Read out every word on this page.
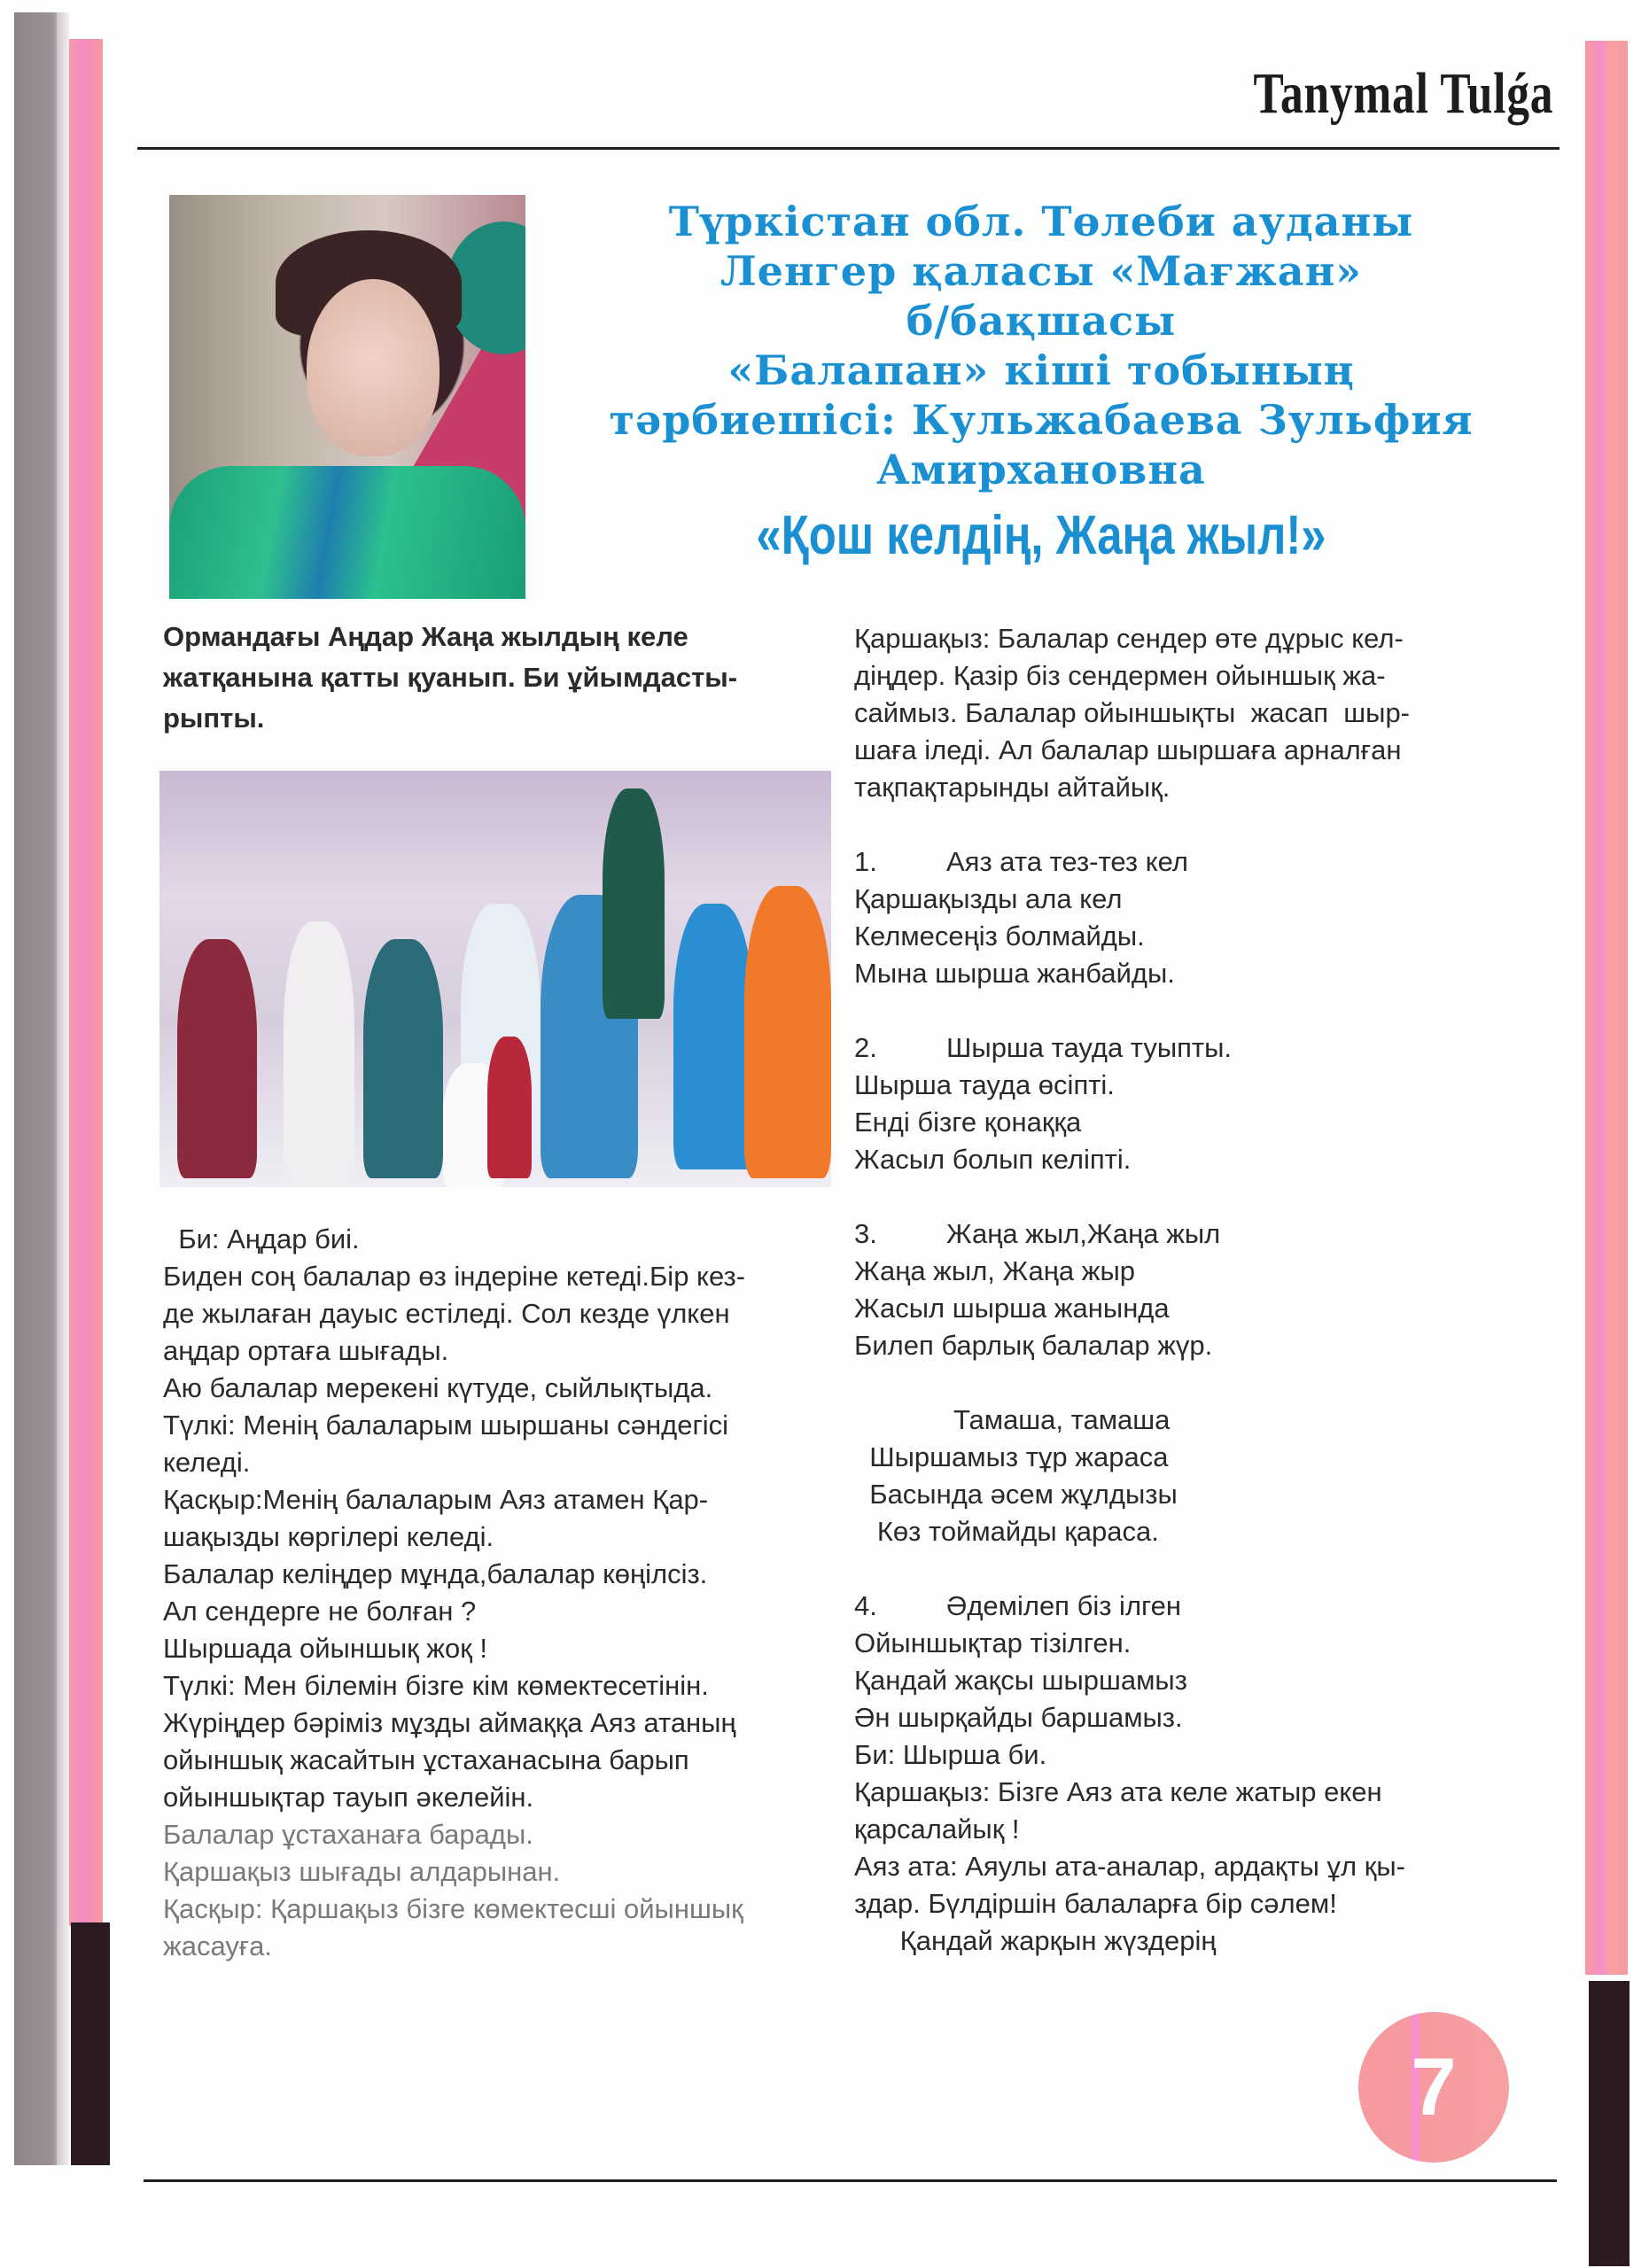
Tanymal Tulǵa
Түркістан обл. Төлеби ауданы
Ленгер қаласы «Мағжан»
б/бақшасы
«Балапан» кіші тобының
тәрбиешісі: Кульжабаева Зульфия
Амирхановна
«Қош келдің, Жаңа жыл!»

Ормандағы Аңдар Жаңа жылдың келе

жатқанына қатты қуанып. Би ұйымдасты-

рыпты.

Би: Аңдар биі.

Биден соң балалар өз індеріне кетеді.Бір кез-

де жылаған дауыс естіледі. Сол кезде үлкен

аңдар ортаға шығады.

Аю балалар мерекені күтуде, сыйлықтыда.

Түлкі: Менің балаларым шыршаны сәндегісі

келеді.

Қасқыр:Менің балаларым Аяз атамен Қар-

шақызды көргілері келеді.

Балалар келіңдер мұнда,балалар көңілсіз.

Ал сендерге не болған ?

Шыршада ойыншық жоқ !

Түлкі: Мен білемін бізге кім көмектесетінін.

Жүріңдер бәріміз мұзды аймаққа Аяз атаның

ойыншық жасайтын ұстаханасына барып

ойыншықтар тауып әкелейін.

Балалар ұстаханаға барады.

Қаршақыз шығады алдарынан.

Қасқыр: Қаршақыз бізге көмектесші ойыншық

жасауға.

Қаршақыз: Балалар сендер өте дұрыс кел-

діңдер. Қазір біз сендермен ойыншық жа-

саймыз. Балалар ойыншықты  жасап  шыр-

шаға іледі. Ал балалар шыршаға арналған

тақпақтарынды айтайық.

1.	Аяз ата тез-тез кел

Қаршақызды ала кел

Келмесеңіз болмайды.

Мына шырша жанбайды.

2.	Шырша тауда туыпты.

Шырша тауда өсіпті.

Енді бізге қонаққа

Жасыл болып келіпті.

3.	Жаңа жыл,Жаңа жыл

Жаңа жыл, Жаңа жыр

Жасыл шырша жанында

Билеп барлық балалар жүр.

Тамаша, тамаша

Шыршамыз тұр жараса

Басында әсем жұлдызы

Көз тоймайды қараса.

4.	Әдемілеп біз ілген

Ойыншықтар тізілген.

Қандай жақсы шыршамыз

Ән шырқайды баршамыз.

Би: Шырша би.

Қаршақыз: Бізге Аяз ата келе жатыр екен

қарсалайық !

Аяз ата: Аяулы ата-аналар, ардақты ұл қы-

здар. Бүлдіршін балаларға бір сәлем!

Қандай жарқын жүздерің

7
